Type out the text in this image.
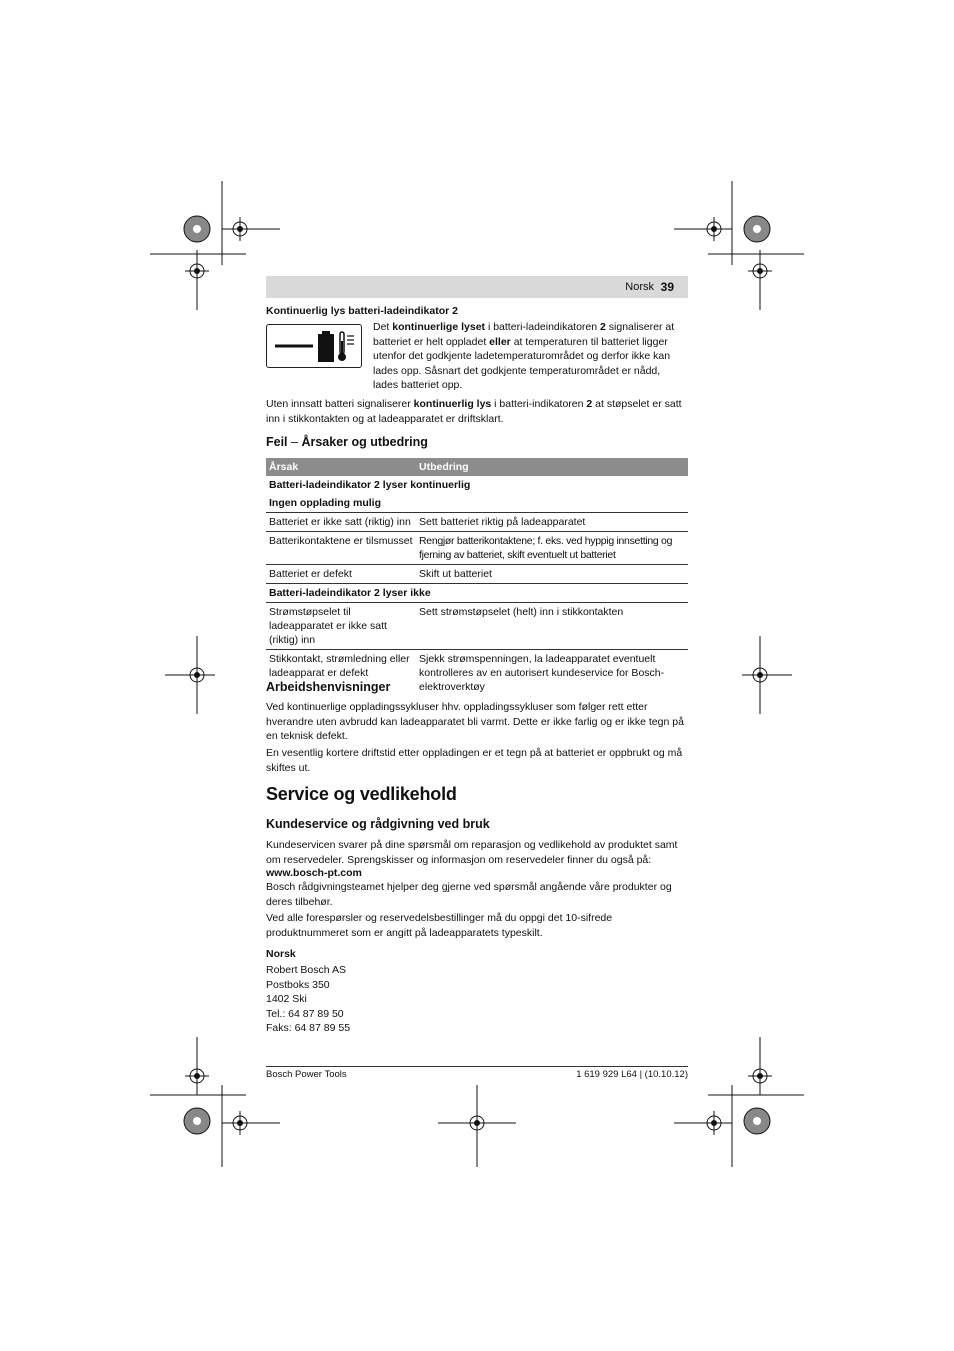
Norsk 39
Kontinuerlig lys batteri-ladeindikator 2
Det kontinuerlige lyset i batteri-ladeindikatoren 2 signaliserer at batteriet er helt oppladet eller at temperaturen til batteriet ligger utenfor det godkjente ladetemperaturområdet og derfor ikke kan lades opp. Såsnart det godkjente temperaturområdet er nådd, lades batteriet opp.
Uten innsatt batteri signaliserer kontinuerlig lys i batteri-indikatoren 2 at støpselet er satt inn i stikkontakten og at ladeapparatet er driftsklart.
Feil – Årsaker og utbedring
Årsak	Utbedring
Batteri-ladeindikator 2 lyser kontinuerlig	
Ingen opplading mulig	
Batteriet er ikke satt (riktig) inn	Sett batteriet riktig på ladeapparatet
Batterikontaktene er tilsmusset	Rengjør batterikontaktene; f. eks. ved hyppig innsetting og fjerning av batteriet, skift eventuelt ut batteriet
Batteriet er defekt	Skift ut batteriet
Batteri-ladeindikator 2 lyser ikke	
Strømstøpselet til ladeapparatet er ikke satt (riktig) inn	Sett strømstøpselet (helt) inn i stikkontakten
Stikkontakt, strømledning eller ladeapparat er defekt	Sjekk strømspenningen, la ladeapparatet eventuelt kontrolleres av en autorisert kundeservice for Bosch-elektroverktøy
Arbeidshenvisninger
Ved kontinuerlige oppladingssykluser hhv. oppladingssykluser som følger rett etter hverandre uten avbrudd kan ladeapparatet bli varmt. Dette er ikke farlig og er ikke tegn på en teknisk defekt.
En vesentlig kortere driftstid etter oppladingen er et tegn på at batteriet er oppbrukt og må skiftes ut.
Service og vedlikehold
Kundeservice og rådgivning ved bruk
Kundeservicen svarer på dine spørsmål om reparasjon og vedlikehold av produktet samt om reservedeler. Sprengskisser og informasjon om reservedeler finner du også på:
www.bosch-pt.com
Bosch rådgivningsteamet hjelper deg gjerne ved spørsmål angående våre produkter og deres tilbehør.
Ved alle forespørsler og reservedelsbestillinger må du oppgi det 10-sifrede produktnummeret som er angitt på ladeapparatets typeskilt.
Norsk
Robert Bosch AS
Postboks 350
1402 Ski
Tel.: 64 87 89 50
Faks: 64 87 89 55
Bosch Power Tools	1 619 929 L64 | (10.10.12)
